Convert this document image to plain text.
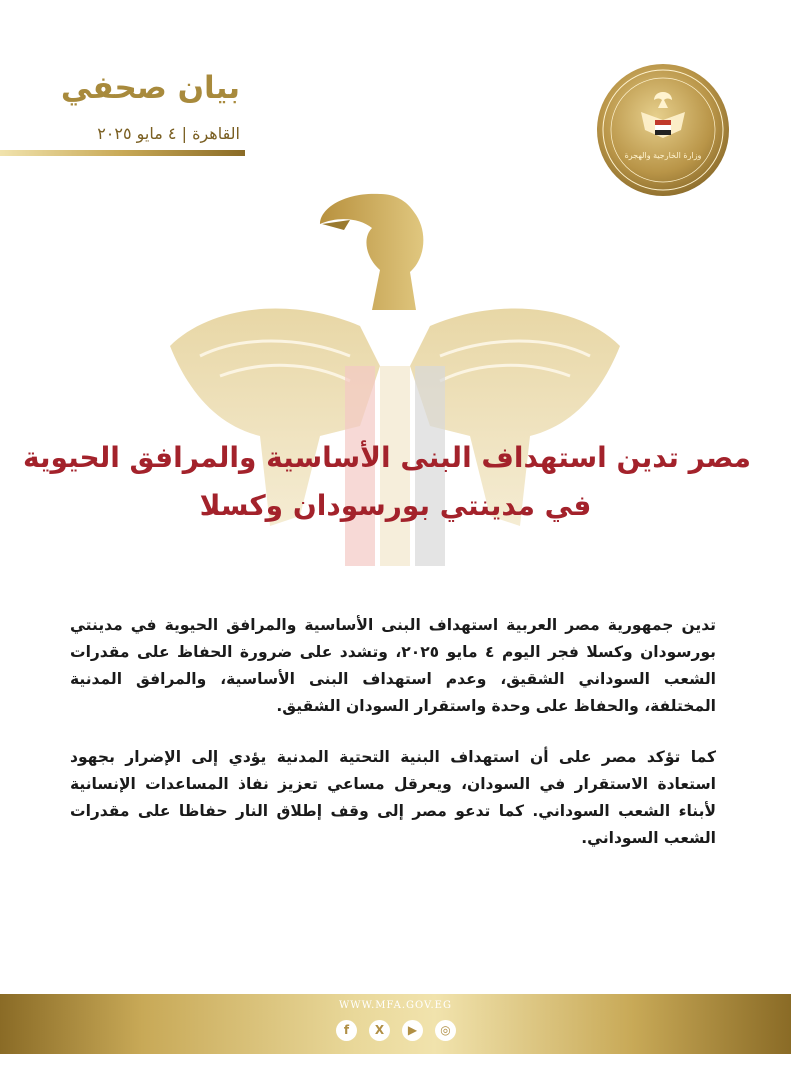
بيان صحفي
القاهرة | ٤ مايو ٢٠٢٥
وزارة الخارجية والهجرة
مصر تدين استهداف البنى الأساسية والمرافق الحيوية
في مدينتي بورسودان وكسلا

تدين جمهورية مصر العربية استهداف البنى الأساسية والمرافق الحيوية في مدينتي بورسودان وكسلا فجر اليوم ٤ مايو ٢٠٢٥، وتشدد على ضرورة الحفاظ على مقدرات الشعب السوداني الشقيق، وعدم استهداف البنى الأساسية، والمرافق المدنية المختلفة، والحفاظ على وحدة واستقرار السودان الشقيق.

كما تؤكد مصر على أن استهداف البنية التحتية المدنية يؤدي إلى الإضرار بجهود استعادة الاستقرار في السودان، ويعرقل مساعي تعزيز نفاذ المساعدات الإنسانية لأبناء الشعب السوداني. كما تدعو مصر إلى وقف إطلاق النار حفاظا على مقدرات الشعب السوداني.

WWW.MFA.GOV.EG
f	X	▶	◎
